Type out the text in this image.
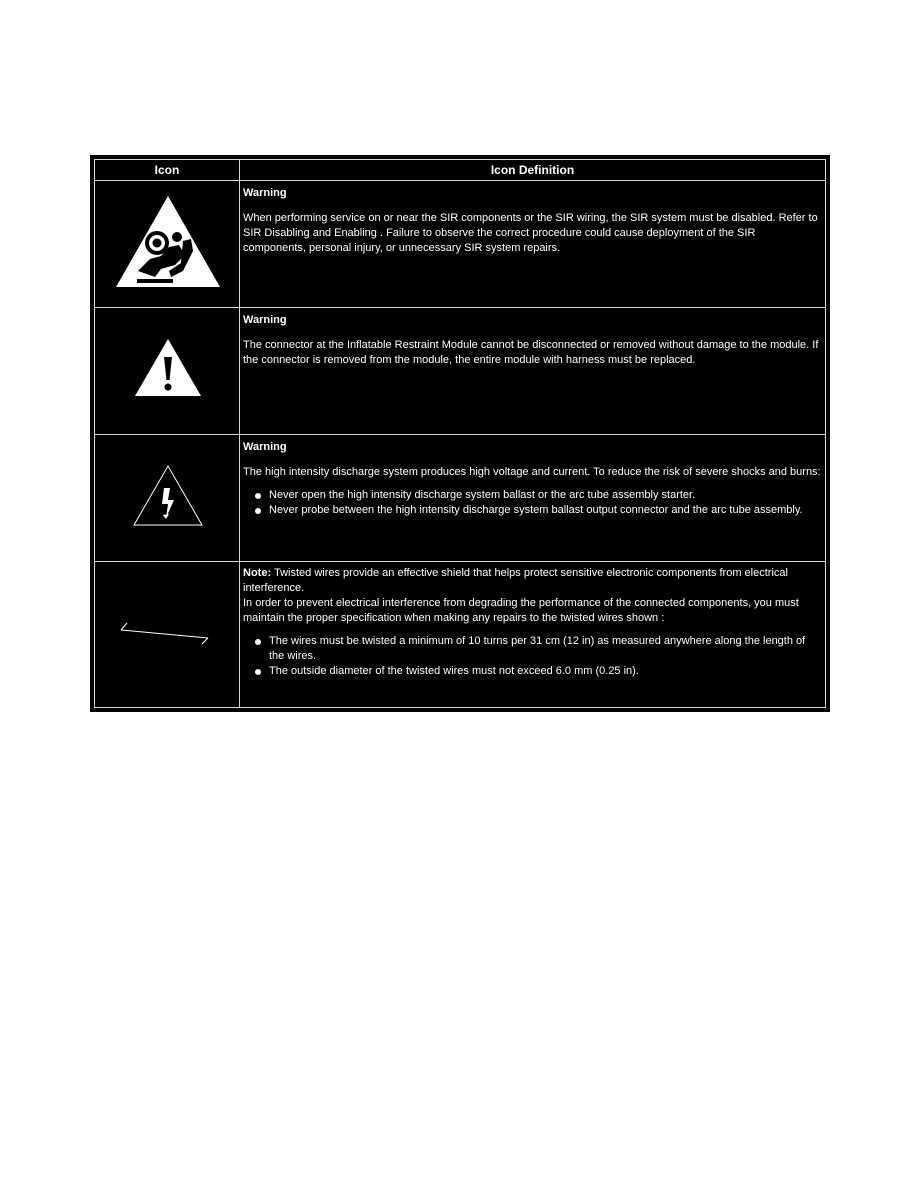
Icon	Icon Definition

Warning

When performing service on or near the SIR components or the SIR wiring, the SIR system must be disabled. Refer to SIR Disabling and Enabling . Failure to observe the correct procedure could cause deployment of the SIR components, personal injury, or unnecessary SIR system repairs.

Warning

The connector at the Inflatable Restraint Module cannot be disconnected or removed without damage to the module. If the connector is removed from the module, the entire module with harness must be replaced.

Warning

The high intensity discharge system produces high voltage and current. To reduce the risk of severe shocks and burns:

Never open the high intensity discharge system ballast or the arc tube assembly starter.
Never probe between the high intensity discharge system ballast output connector and the arc tube assembly.

Note: Twisted wires provide an effective shield that helps protect sensitive electronic components from electrical interference.

In order to prevent electrical interference from degrading the performance of the connected components, you must maintain the proper specification when making any repairs to the twisted wires shown :

The wires must be twisted a minimum of 10 turns per 31 cm (12 in) as measured anywhere along the length of the wires.
The outside diameter of the twisted wires must not exceed 6.0 mm (0.25 in).
